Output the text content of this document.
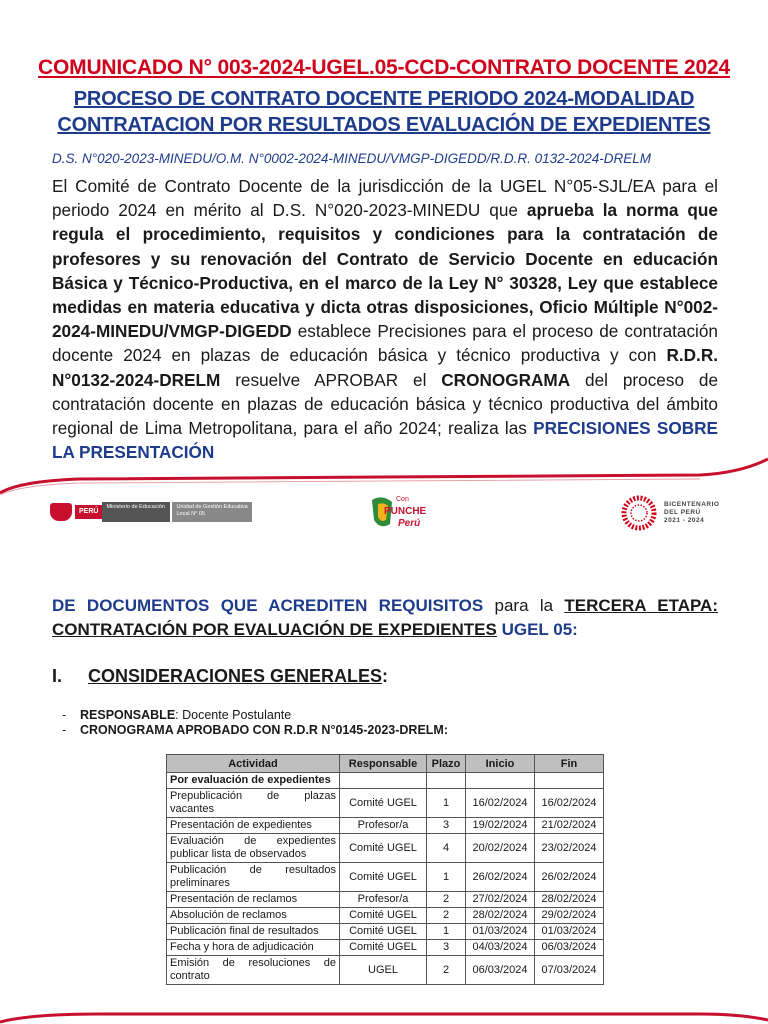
COMUNICADO N° 003-2024-UGEL.05-CCD-CONTRATO DOCENTE 2024
PROCESO DE CONTRATO DOCENTE PERIODO 2024-MODALIDAD
CONTRATACION POR RESULTADOS EVALUACIÓN DE EXPEDIENTES
D.S. N°020-2023-MINEDU/O.M. N°0002-2024-MINEDU/VMGP-DIGEDD/R.D.R. 0132-2024-DRELM
El Comité de Contrato Docente de la jurisdicción de la UGEL N°05-SJL/EA para el periodo 2024 en mérito al D.S. N°020-2023-MINEDU que aprueba la norma que regula el procedimiento, requisitos y condiciones para la contratación de profesores y su renovación del Contrato de Servicio Docente en educación Básica y Técnico-Productiva, en el marco de la Ley N° 30328, Ley que establece medidas en materia educativa y dicta otras disposiciones, Oficio Múltiple N°002-2024-MINEDU/VMGP-DIGEDD establece Precisiones para el proceso de contratación docente 2024 en plazas de educación básica y técnico productiva y con R.D.R. N°0132-2024-DRELM resuelve APROBAR el CRONOGRAMA del proceso de contratación docente en plazas de educación básica y técnico productiva del ámbito regional de Lima Metropolitana, para el año 2024; realiza las PRECISIONES SOBRE LA PRESENTACIÓN
PERÚ
Ministerio de Educación	Unidad de Gestión Educativa Local N° 05
Con
PUNCHE
Perú
BICENTENARIO
DEL PERÚ
2021 - 2024
DE DOCUMENTOS QUE ACREDITEN REQUISITOS para la TERCERA ETAPA:
CONTRATACIÓN POR EVALUACIÓN DE EXPEDIENTES UGEL 05:
I. CONSIDERACIONES GENERALES:
- RESPONSABLE: Docente Postulante
- CRONOGRAMA APROBADO CON R.D.R N°0145-2023-DRELM:
Actividad	Responsable	Plazo	Inicio	Fin
Por evaluación de expedientes				
Prepublicación de plazas vacantes	Comité UGEL	1	16/02/2024	16/02/2024
Presentación de expedientes	Profesor/a	3	19/02/2024	21/02/2024
Evaluación de expedientes publicar lista de observados	Comité UGEL	4	20/02/2024	23/02/2024
Publicación de resultados preliminares	Comité UGEL	1	26/02/2024	26/02/2024
Presentación de reclamos	Profesor/a	2	27/02/2024	28/02/2024
Absolución de reclamos	Comité UGEL	2	28/02/2024	29/02/2024
Publicación final de resultados	Comité UGEL	1	01/03/2024	01/03/2024
Fecha y hora de adjudicación	Comité UGEL	3	04/03/2024	06/03/2024
Emisión de resoluciones de contrato	UGEL	2	06/03/2024	07/03/2024
